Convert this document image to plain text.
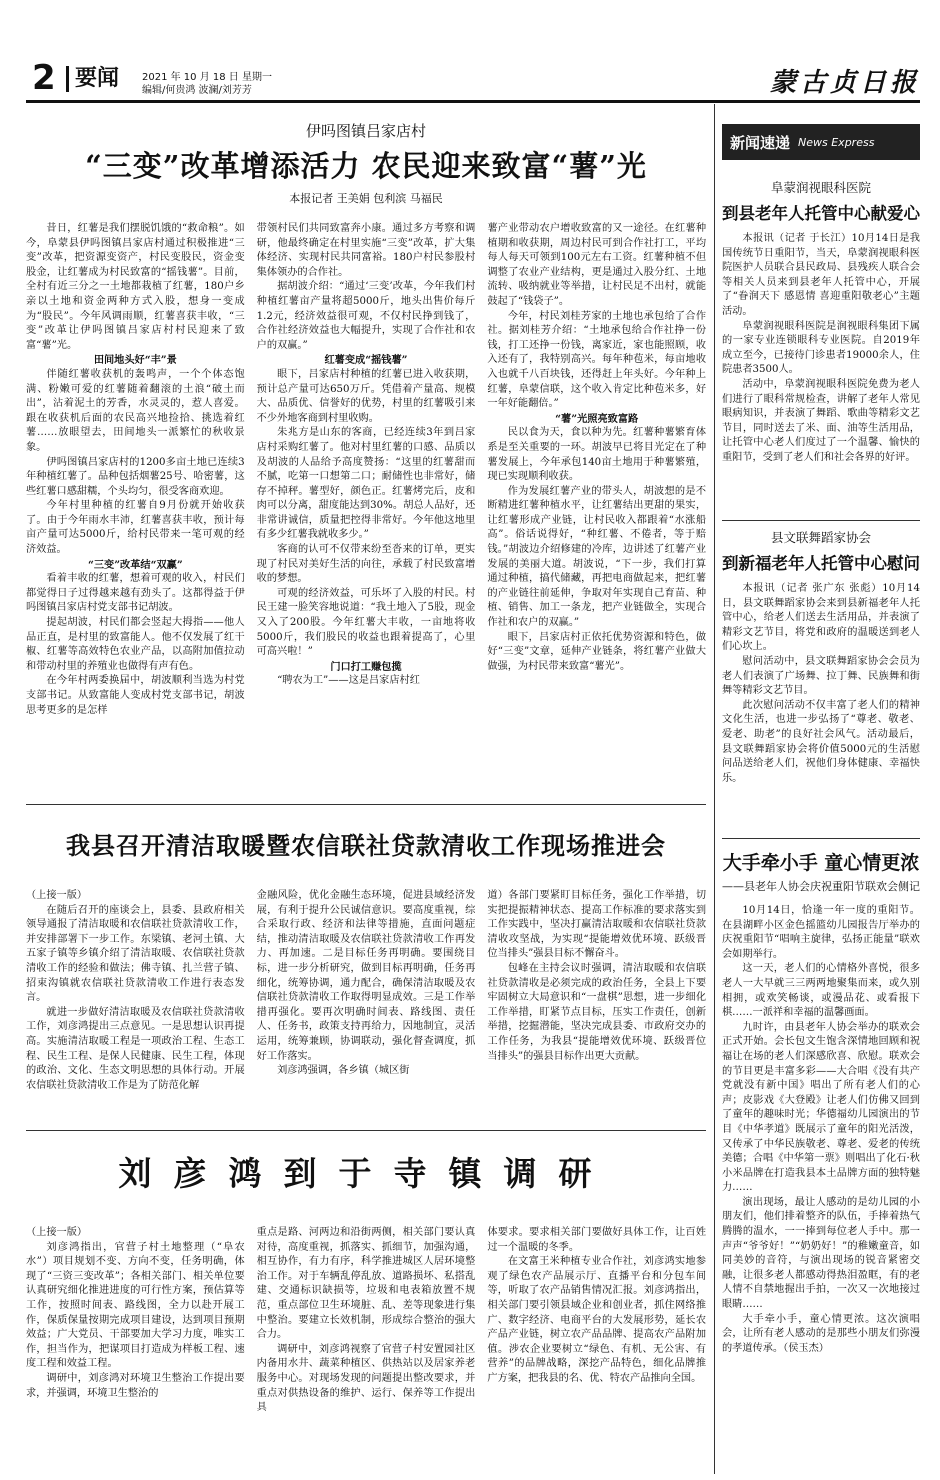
2 要闻 2021 年 10 月 18 日 星期一
编辑/何贵鸿 波澜/刘芳芳	蒙古贞日报
伊吗图镇吕家店村
“三变”改革增添活力 农民迎来致富“薯”光
本报记者 王美娟 包利滨 马福民

昔日，红薯是我们摆脱饥饿的“救命粮”。如今，阜蒙县伊吗图镇吕家店村通过积极推进“三变”改革，把资源变资产，村民变股民，资金变股金，让红薯成为村民致富的“摇钱薯”。目前，全村有近三分之一土地都栽植了红薯，180户乡亲以土地和资金两种方式入股，想身一变成为“股民”。今年风调雨顺，红薯喜获丰收，“三变”改革让伊吗图镇吕家店村村民迎来了致富“薯”光。

田间地头好“丰”景

伴随红薯收获机的轰鸣声，一个个体态饱满、粉嫩可爱的红薯随着翻滚的土浪“破土而出”，沾着泥土的芳香，水灵灵的，惹人喜爱。跟在收获机后面的农民高兴地捡拾、挑选着红薯……放眼望去，田间地头一派繁忙的秋收景象。

伊吗图镇吕家店村的1200多亩土地已连续3年种植红薯了。品种包括烟薯25号、哈密薯，这些红薯口感甜糯，个头均匀，很受客商欢迎。

今年村里种植的红薯自9月份就开始收获了。由于今年雨水丰沛，红薯喜获丰收，预计每亩产量可达5000斤，给村民带来一笔可观的经济效益。

“三变”改革结“双赢”

看着丰收的红薯，想着可观的收入，村民们都觉得日子过得越来越有劲头了。这都得益于伊吗图镇吕家店村党支部书记胡波。

提起胡波，村民们都会竖起大拇指——他人品正直，是村里的致富能人。他不仅发展了红干椒、红薯等高效特色农业产品，以高附加值拉动和带动村里的养殖业也做得有声有色。

在今年村两委换届中，胡波顺利当选为村党支部书记。从致富能人变成村党支部书记，胡波思考更多的是怎样

带领村民们共同致富奔小康。通过多方考察和调研，他最终确定在村里实施“三变”改革，扩大集体经济、实现村民共同富裕。180户村民参股村集体领办的合作社。

据胡波介绍：“通过‘三变’改革，今年我们村种植红薯亩产量将超5000斤，地头出售价每斤1.2元，经济效益很可观，不仅村民挣到钱了，合作社经济效益也大幅提升，实现了合作社和农户的双赢。”

红薯变成“摇钱薯”

眼下，吕家店村种植的红薯已进入收获期，预计总产量可达650万斤。凭借着产量高、规模大、品质优、信誉好的优势，村里的红薯吸引来不少外地客商到村里收购。

朱兆方是山东的客商，已经连续3年到吕家店村采购红薯了。他对村里红薯的口感、品质以及胡波的人品给予高度赞扬：“这里的红薯甜而不腻，吃第一口想第二口；耐储性也非常好，储存不掉秤。薯型好，颜色正。红薯烤完后，皮和肉可以分离，甜度能达到30%。胡总人品好，还非常讲诚信，质量把控得非常好。今年他这地里有多少红薯我就收多少。”

客商的认可不仅带来纷至沓来的订单，更实现了村民对美好生活的向往，承载了村民致富增收的梦想。

可观的经济效益，可乐坏了入股的村民。村民王建一脸笑容地说道：“我土地入了5股，现金又入了200股。今年红薯大丰收，一亩地将收5000斤，我们股民的收益也跟着提高了，心里可高兴啦！”

门口打工赚包揽

“聘农为工”——这是吕家店村红

薯产业带动农户增收致富的又一途径。在红薯种植期和收获期，周边村民可到合作社打工，平均每人每天可领到100元左右工资。红薯种植不但调整了农业产业结构，更是通过入股分红、土地流转、吸纳就业等举措，让村民足不出村，就能鼓起了“钱袋子”。

今年，村民刘桂芳家的土地也承包给了合作社。据刘桂芳介绍：“土地承包给合作社挣一份钱，打工还挣一份钱，离家近，家也能照顾，收入还有了，我特别高兴。每年种苞米，每亩地收入也就千八百块钱，还得赶上年头好。今年种上红薯，阜蒙信联，这个收入肯定比种苞米多，好一年好能翻倍。”

“薯”光照亮致富路

民以食为天，食以种为先。红薯种薯繁育体系是至关重要的一环。胡波早已将目光定在了种薯发展上，今年承包140亩土地用于种薯繁殖，现已实现顺利收获。

作为发展红薯产业的带头人，胡波想的是不断精进红薯种植水平，让红薯结出更甜的果实，让红薯形成产业链，让村民收入都跟着“水涨船高”。俗话说得好，“种红薯、不倦者，等于赔钱。”胡波边介绍修建的冷库，边讲述了红薯产业发展的美丽大道。胡波说，“下一步，我们打算通过种植，搞代储藏，再把电商做起来，把红薯的产业链往前延伸，争取对年实现自己育苗、种植、销售、加工一条龙，把产业链做全，实现合作社和农户的双赢。”

眼下，吕家店村正依托优势资源和特色，做好“三变”文章，延伸产业链条，将红薯产业做大做强，为村民带来致富“薯光”。

我县召开清洁取暖暨农信联社贷款清收工作现场推进会

（上接一版）

在随后召开的座谈会上，县委、县政府相关领导通报了清洁取暖和农信联社贷款清收工作，并安排部署下一步工作。东梁镇、老河土镇、大五家子镇等乡镇介绍了清洁取暖、农信联社贷款清收工作的经验和做法；佛寺镇、扎兰营子镇、招束沟镇就农信联社贷款清收工作进行表态发言。

就进一步做好清洁取暖及农信联社贷款清收工作，刘彦鸿提出三点意见。一是思想认识再提高。实施清洁取暖工程是一项政治工程、生态工程、民生工程、是保人民健康、民生工程，体现的政治、文化、生态文明思想的具体行动。开展农信联社贷款清收工作是为了防范化解

金融风险，优化金融生态环境，促进县域经济发展，有利于提升公民诚信意识。要高度重视，综合采取行政、经济和法律等措施，直面问题症结，推动清洁取暖及农信联社贷款清收工作再发力、再加速。二是目标任务再明确。要围绕目标，进一步分析研究，做到目标再明确，任务再细化，统筹协调，通力配合，确保清洁取暖及农信联社贷款清收工作取得明显成效。三是工作举措再强化。要再次明确时间表、路线图、责任人、任务书，政策支持再给力，因地制宜，灵活运用，统筹兼顾，协调联动，强化督查调度，抓好工作落实。

刘彦鸿强调，各乡镇（城区街

道）各部门要紧盯目标任务，强化工作举措，切实把提振精神状态、提高工作标准的要求落实到工作实践中，坚决打赢清洁取暖和农信联社贷款清收攻坚战，为实现“提能增效优环境、跃级晋位当排头”强县目标不懈奋斗。

包峰在主持会议时强调，清洁取暖和农信联社贷款清收是必须完成的政治任务，全县上下要牢固树立大局意识和“一盘棋”思想，进一步细化工作举措，盯紧节点目标，压实工作责任，创新举措，挖掘潜能，坚决完成县委、市政府交办的工作任务，为我县“提能增效优环境、跃级晋位当排头”的强县目标作出更大贡献。

刘彦鸿到于寺镇调研

（上接一版）

刘彦鸿指出，官营子村土地整理（“阜农水”）项目规划不变、方向不变，任务明确，体现了“三资三变改革”；各相关部门、相关单位要认真研究细化推进进度的可行性方案，预估算等工作，按照时间表、路线图，全力以赴开展工作，保质保量按期完成项目建设，达到项目预期效益；广大党员、干部要加大学习力度，唯实工作，担当作为，把谋项目打造成为样板工程、速度工程和效益工程。

调研中，刘彦鸿对环境卫生整治工作提出要求，并强调，环境卫生整治的

重点是路、河两边和沿街两侧，相关部门要认真对待，高度重视，抓落实、抓细节，加强沟通，相互协作，有力有序，科学推进城区人居环境整治工作。对于车辆乱停乱放、道路损坏、私搭乱建、交通标识缺损等，垃圾和电表箱放置不规范，重点部位卫生环境脏、乱、差等现象进行集中整治。要建立长效机制，形成综合整治的强大合力。

调研中，刘彦鸿视察了官营子村安置园社区内备用水井、蔬菜种植区、供热站以及居家养老服务中心。对现场发现的问题提出整改要求，并重点对供热设备的维护、运行、保养等工作提出具

体要求。要求相关部门要做好具体工作，让百姓过一个温暖的冬季。

在文富王米种植专业合作社，刘彦鸿实地参观了绿色农产品展示厅、直播平台和分包车间等，听取了农产品销售情况汇报。刘彦鸿指出，相关部门要引领县域企业和创业者，抓住网络推广、数字经济、电商平台的大发展形势，延长农产品产业链，树立农产品品牌、提高农产品附加值。涉农企业要树立“绿色、有机、无公害、有营养”的品牌战略，深挖产品特色，细化品牌推广方案，把我县的名、优、特农产品推向全国。

新闻速递 News Express
阜蒙润视眼科医院
到县老年人托管中心献爱心

本报讯（记者 于长江）10月14日是我国传统节日重阳节，当天，阜蒙润视眼科医院医护人员联合县民政局、县残疾人联合会等相关人员来到县老年人托管中心，开展了“眷润天下 感恩情 喜迎重阳敬老心”主题活动。

阜蒙润视眼科医院是润视眼科集团下属的一家专业连锁眼科专业医院。自2019年成立至今，已接待门诊患者19000余人，住院患者3500人。

活动中，阜蒙润视眼科医院免费为老人们进行了眼科常规检查，讲解了老年人常见眼病知识，并表演了舞蹈、歌曲等精彩文艺节目，同时送去了米、面、油等生活用品，让托管中心老人们度过了一个温馨、愉快的重阳节，受到了老人们和社会各界的好评。

县文联舞蹈家协会
到新福老年人托管中心慰问

本报讯（记者 张广东 张彪）10月14日，县文联舞蹈家协会来到县新福老年人托管中心，给老人们送去生活用品，并表演了精彩文艺节目，将党和政府的温暖送到老人们心坎上。

慰问活动中，县文联舞蹈家协会会员为老人们表演了广场舞、拉丁舞、民族舞和街舞等精彩文艺节目。

此次慰问活动不仅丰富了老人们的精神文化生活，也进一步弘扬了“尊老、敬老、爱老、助老”的良好社会风气。活动最后，县文联舞蹈家协会将价值5000元的生活慰问品送给老人们，祝他们身体健康、幸福快乐。

大手牵小手 童心情更浓
——县老年人协会庆祝重阳节联欢会侧记

10月14日，恰逢一年一度的重阳节。在县湖畔小区金色摇篮幼儿园报告厅举办的庆祝重阳节“唱响主旋律，弘扬正能量”联欢会如期举行。

这一天，老人们的心情格外喜悦，很多老人一大早就三三两两地聚集而来，或久别相拥，或欢笑畅谈，或漫品花、或看报下棋……一派祥和幸福的温馨画面。

九时许，由县老年人协会举办的联欢会正式开始。会长包文生饱含深情地回顾和祝福让在场的老人们深感欣喜、欣慰。联欢会的节目更是丰富多彩——大合唱《没有共产党就没有新中国》唱出了所有老人们的心声；皮影戏《大登殿》让老人们仿佛又回到了童年的趣味时光；华德福幼儿园演出的节目《中华孝道》既展示了童年的阳光活泼，又传承了中华民族敬老、尊老、爱老的传统美德；合唱《中华第一票》则唱出了化石·秋小米品牌在打造我县本土品牌方面的独特魅力……

演出现场，最让人感动的是幼儿园的小朋友们，他们排着整齐的队伍，手捧着热气腾腾的温水，一一捧到每位老人手中。那一声声“爷爷好！”“奶奶好！”的稚嫩童音，如同美妙的音符，与演出现场的锐音紧密交融，让很多老人都感动得热泪盈眶，有的老人情不自禁地握出手拍，一次又一次地接过眼睛……

大手牵小手，童心情更浓。这次演唱会，让所有老人感动的是那些小朋友们弥漫的孝道传承。（侯玉杰）
